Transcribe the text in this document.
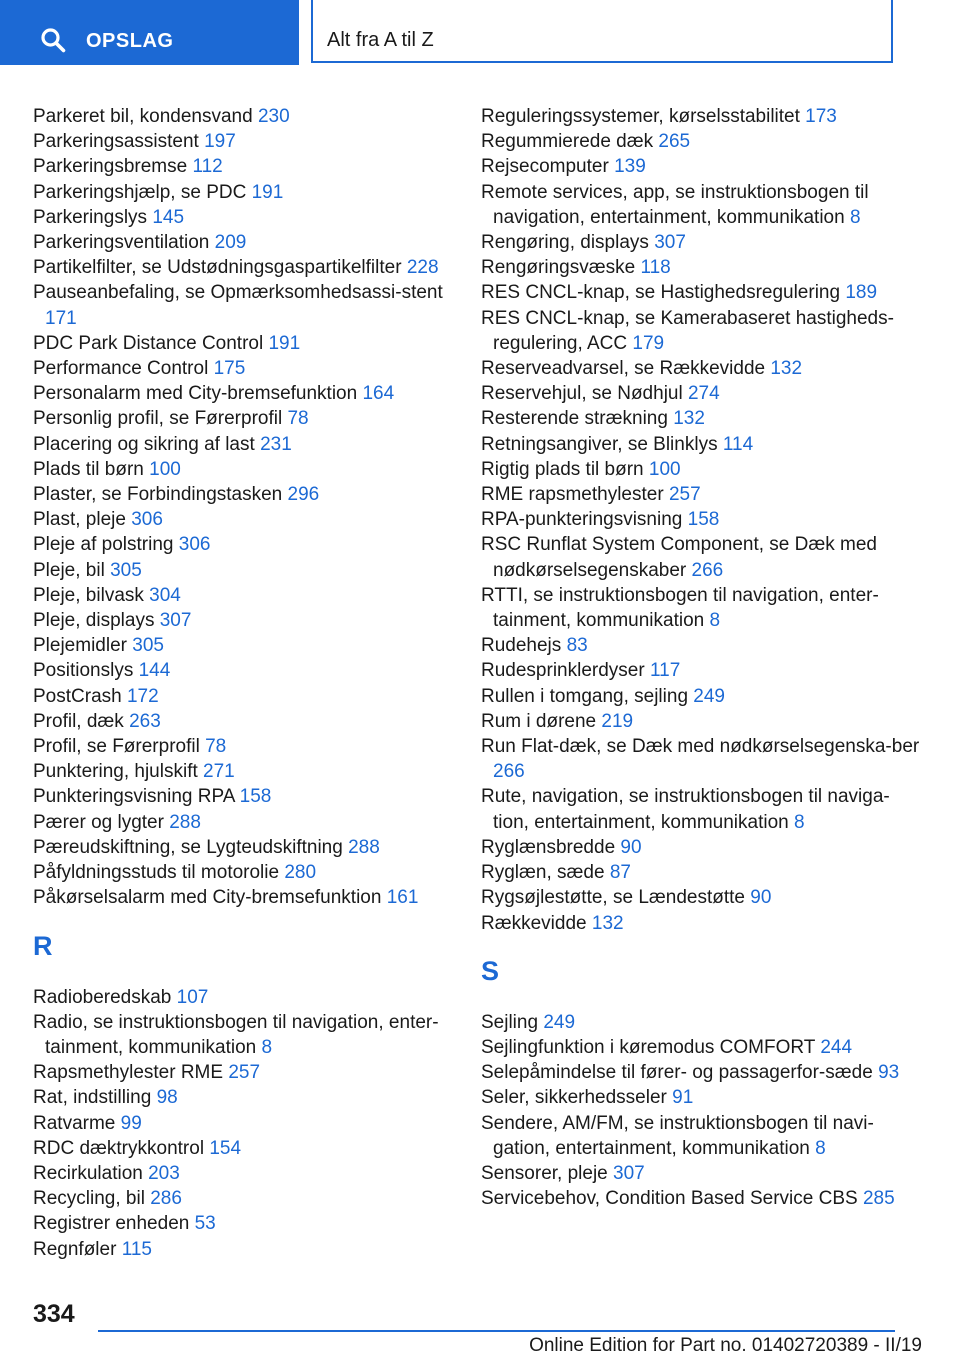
OPSLAG	Alt fra A til Z

Parkeret bil, kondensvand 230

Parkeringsassistent 197

Parkeringsbremse 112

Parkeringshjælp, se PDC 191

Parkeringslys 145

Parkeringsventilation 209

Partikelfilter, se Udstødningsgaspartikelfilter 228

Pauseanbefaling, se Opmærksomhedsassi-stent 171

PDC Park Distance Control 191

Performance Control 175

Personalarm med City-bremsefunktion 164

Personlig profil, se Førerprofil 78

Placering og sikring af last 231

Plads til børn 100

Plaster, se Forbindingstasken 296

Plast, pleje 306

Pleje af polstring 306

Pleje, bil 305

Pleje, bilvask 304

Pleje, displays 307

Plejemidler 305

Positionslys 144

PostCrash 172

Profil, dæk 263

Profil, se Førerprofil 78

Punktering, hjulskift 271

Punkteringsvisning RPA 158

Pærer og lygter 288

Pæreudskiftning, se Lygteudskiftning 288

Påfyldningsstuds til motorolie 280

Påkørselsalarm med City-bremsefunktion 161

R

Radioberedskab 107

Radio, se instruktionsbogen til navigation, enter-tainment, kommunikation 8

Rapsmethylester RME 257

Rat, indstilling 98

Ratvarme 99

RDC dæktrykkontrol 154

Recirkulation 203

Recycling, bil 286

Registrer enheden 53

Regnføler 115

Reguleringssystemer, kørselsstabilitet 173

Regummierede dæk 265

Rejsecomputer 139

Remote services, app, se instruktionsbogen til navigation, entertainment, kommunikation 8

Rengøring, displays 307

Rengøringsvæske 118

RES CNCL-knap, se Hastighedsregulering 189

RES CNCL-knap, se Kamerabaseret hastigheds-regulering, ACC 179

Reserveadvarsel, se Rækkevidde 132

Reservehjul, se Nødhjul 274

Resterende strækning 132

Retningsangiver, se Blinklys 114

Rigtig plads til børn 100

RME rapsmethylester 257

RPA-punkteringsvisning 158

RSC Runflat System Component, se Dæk med nødkørselsegenskaber 266

RTTI, se instruktionsbogen til navigation, enter-tainment, kommunikation 8

Rudehejs 83

Rudesprinklerdyser 117

Rullen i tomgang, sejling 249

Rum i dørene 219

Run Flat-dæk, se Dæk med nødkørselsegenska-ber 266

Rute, navigation, se instruktionsbogen til naviga-tion, entertainment, kommunikation 8

Ryglænsbredde 90

Ryglæn, sæde 87

Rygsøjlestøtte, se Lændestøtte 90

Rækkevidde 132

S

Sejling 249

Sejlingfunktion i køremodus COMFORT 244

Selepåmindelse til fører- og passagerfor-sæde 93

Seler, sikkerhedsseler 91

Sendere, AM/FM, se instruktionsbogen til navi-gation, entertainment, kommunikation 8

Sensorer, pleje 307

Servicebehov, Condition Based Service CBS 285

334
Online Edition for Part no. 01402720389 - II/19
